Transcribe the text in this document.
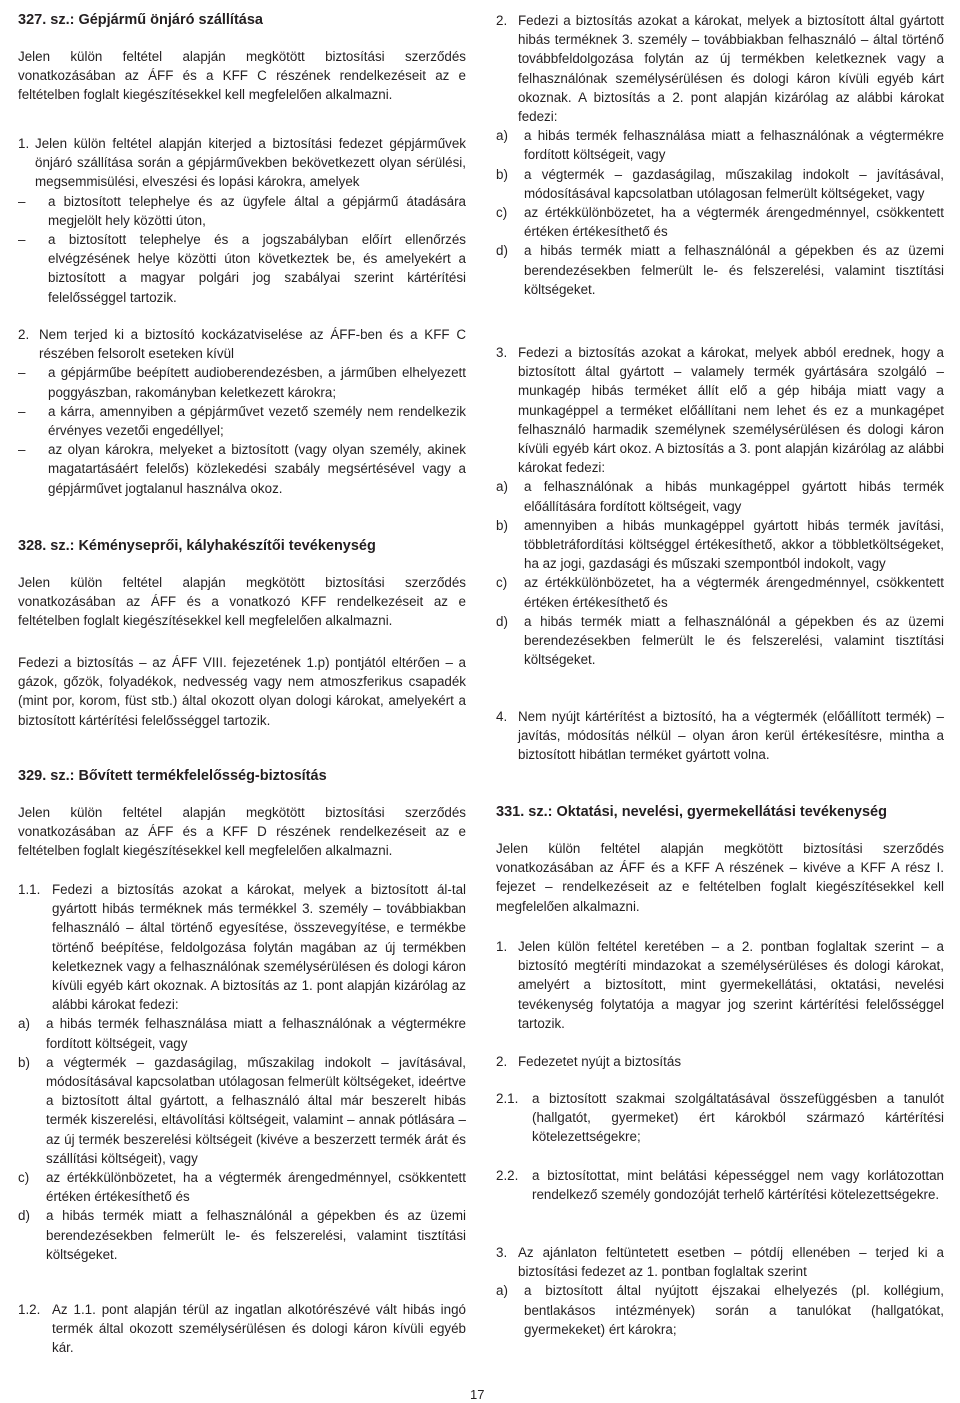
327. sz.: Gépjármű önjáró szállítása

Jelen külön feltétel alapján megkötött biztosítási szerződés vonatkozásában az ÁFF és a KFF C részének rendelkezéseit az e feltételben foglalt kiegészítésekkel kell megfelelően alkalmazni.

1. Jelen külön feltétel alapján kiterjed a biztosítási fedezet gépjárművek önjáró szállítása során a gépjárművekben bekövetkezett olyan sérülési, megsemmisülési, elveszési és lopási károkra, amelyek
–	a biztosított telephelye és az ügyfele által a gépjármű átadására megjelölt hely közötti úton,
–	a biztosított telephelye és a jogszabályban előírt ellenőrzés elvégzésének helye közötti úton következtek be, és amelyekért a biztosított a magyar polgári jog szabályai szerint kártérítési felelősséggel tartozik.
2. Nem terjed ki a biztosító kockázatviselése az ÁFF-ben és a KFF C részében felsorolt eseteken kívül
–	a gépjárműbe beépített audioberendezésben, a járműben elhelyezett poggyászban, rakományban keletkezett károkra;
–	a kárra, amennyiben a gépjárművet vezető személy nem rendelkezik érvényes vezetői engedéllyel;
–	az olyan károkra, melyeket a biztosított (vagy olyan személy, akinek magatartásáért felelős) közlekedési szabály megsértésével vagy a gépjárművet jogtalanul használva okoz.
328. sz.: Kéményseprői, kályhakészítői tevékenység

Jelen külön feltétel alapján megkötött biztosítási szerződés vonatkozásában az ÁFF és a vonatkozó KFF rendelkezéseit az e feltételben foglalt kiegészítésekkel kell megfelelően alkalmazni.

Fedezi a biztosítás – az ÁFF VIII. fejezetének 1.p) pontjától eltérően – a gázok, gőzök, folyadékok, nedvesség vagy nem atmoszferikus csapadék (mint por, korom, füst stb.) által okozott olyan dologi károkat, amelyekért a biztosított kártérítési felelősséggel tartozik.

329. sz.: Bővített termékfelelősség-biztosítás

Jelen külön feltétel alapján megkötött biztosítási szerződés vonatkozásában az ÁFF és a KFF D részének rendelkezéseit az e feltételben foglalt kiegészítésekkel kell megfelelően alkalmazni.

1.1. Fedezi a biztosítás azokat a károkat, melyek a biztosított ál-tal gyártott hibás terméknek más termékkel 3. személy – továbbiakban felhasználó – által történő egyesítése, összevegyítése, e termékbe történő beépítése, feldolgozása folytán magában az új termékben keletkeznek vagy a felhasználónak személysérülésen és dologi káron kívüli egyéb kárt okoznak. A biztosítás az 1. pont alapján kizárólag az alábbi károkat fedezi:
a)	a hibás termék felhasználása miatt a felhasználónak a végtermékre fordított költségeit, vagy
b)	a végtermék – gazdaságilag, műszakilag indokolt – javításával, módosításával kapcsolatban utólagosan felmerült költségeket, ideértve a biztosított által gyártott, a felhasználó által már beszerelt hibás termék kiszerelési, eltávolítási költségeit, valamint – annak pótlására – az új termék beszerelési költségeit (kivéve a beszerzett termék árát és szállítási költségeit), vagy
c)	az értékkülönbözetet, ha a végtermék árengedménnyel, csökkentett értéken értékesíthető és
d)	a hibás termék miatt a felhasználónál a gépekben és az üzemi berendezésekben felmerült le- és felszerelési, valamint tisztítási költségeket.
1.2. Az 1.1. pont alapján térül az ingatlan alkotórészévé vált hibás ingó termék által okozott személysérülésen és dologi káron kívüli egyéb kár.
2. Fedezi a biztosítás azokat a károkat, melyek a biztosított által gyártott hibás terméknek 3. személy – továbbiakban felhasználó – által történő továbbfeldolgozása folytán az új termékben keletkeznek vagy a felhasználónak személysérülésen és dologi káron kívüli egyéb kárt okoznak. A biztosítás a 2. pont alapján kizárólag az alábbi károkat fedezi:
a)	a hibás termék felhasználása miatt a felhasználónak a végtermékre fordított költségeit, vagy
b)	a végtermék – gazdaságilag, műszakilag indokolt – javításával, módosításával kapcsolatban utólagosan felmerült költségeket, vagy
c)	az értékkülönbözetet, ha a végtermék árengedménnyel, csökkentett értéken értékesíthető és
d)	a hibás termék miatt a felhasználónál a gépekben és az üzemi berendezésekben felmerült le- és felszerelési, valamint tisztítási költségeket.
3. Fedezi a biztosítás azokat a károkat, melyek abból erednek, hogy a biztosított által gyártott – valamely termék gyártására szolgáló – munkagép hibás terméket állít elő a gép hibája miatt vagy a munkagéppel a terméket előállítani nem lehet és ez a munkagépet felhasználó harmadik személynek személysérülésen és dologi káron kívüli egyéb kárt okoz. A biztosítás a 3. pont alapján kizárólag az alábbi károkat fedezi:
a)	a felhasználónak a hibás munkagéppel gyártott hibás termék előállítására fordított költségeit, vagy
b)	amennyiben a hibás munkagéppel gyártott hibás termék javítási, többletráfordítási költséggel értékesíthető, akkor a többletköltségeket, ha az jogi, gazdasági és műszaki szempontból indokolt, vagy
c)	az értékkülönbözetet, ha a végtermék árengedménnyel, csökkentett értéken értékesíthető és
d)	a hibás termék miatt a felhasználónál a gépekben és az üzemi berendezésekben felmerült le és felszerelési, valamint tisztítási költségeket.
4. Nem nyújt kártérítést a biztosító, ha a végtermék (előállított termék) – javítás, módosítás nélkül – olyan áron kerül értékesítésre, mintha a biztosított hibátlan terméket gyártott volna.
331. sz.: Oktatási, nevelési, gyermekellátási tevékenység

Jelen külön feltétel alapján megkötött biztosítási szerződés vonatkozásában az ÁFF és a KFF A részének – kivéve a KFF A rész I. fejezet – rendelkezéseit az e feltételben foglalt kiegészítésekkel kell megfelelően alkalmazni.

1. Jelen külön feltétel keretében – a 2. pontban foglaltak szerint – a biztosító megtéríti mindazokat a személysérüléses és dologi károkat, amelyért a biztosított, mint gyermekellátási, oktatási, nevelési tevékenység folytatója a magyar jog szerint kártérítési felelősséggel tartozik.
2. Fedezetet nyújt a biztosítás
2.1.	a biztosított szakmai szolgáltatásával összefüggésben a tanulót (hallgatót, gyermeket) ért károkból származó kártérítési kötelezettségekre;
2.2.	a biztosítottat, mint belátási képességgel nem vagy korlátozottan rendelkező személy gondozóját terhelő kártérítési kötelezettségekre.
3. Az ajánlaton feltüntetett esetben – pótdíj ellenében – terjed ki a biztosítási fedezet az 1. pontban foglaltak szerint
a)	a biztosított által nyújtott éjszakai elhelyezés (pl. kollégium, bentlakásos intézmények) során a tanulókat (hallgatókat, gyermekeket) ért károkra;
17
